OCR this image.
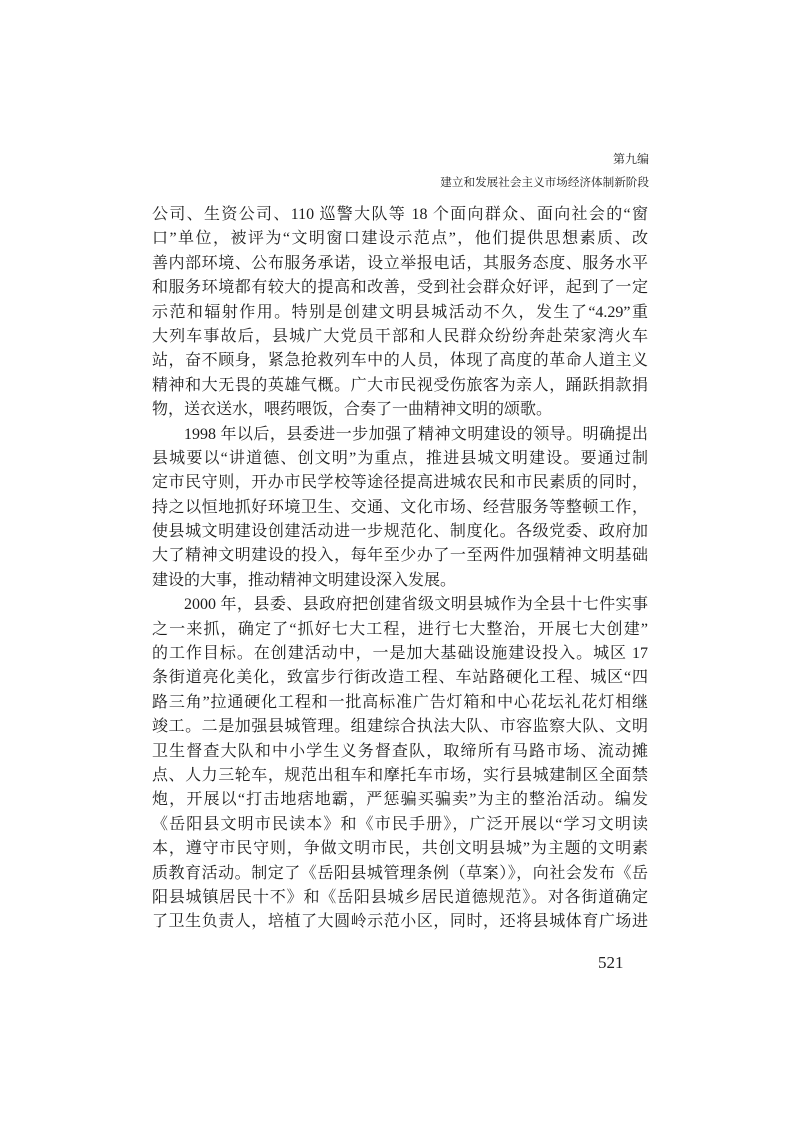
第九编
建立和发展社会主义市场经济体制新阶段
公司、生资公司、110 巡警大队等 18 个面向群众、面向社会的“窗
口”单位，被评为“文明窗口建设示范点”，他们提供思想素质、改
善内部环境、公布服务承诺，设立举报电话，其服务态度、服务水平
和服务环境都有较大的提高和改善，受到社会群众好评，起到了一定
示范和辐射作用。特别是创建文明县城活动不久，发生了“4.29”重
大列车事故后，县城广大党员干部和人民群众纷纷奔赴荣家湾火车
站，奋不顾身，紧急抢救列车中的人员，体现了高度的革命人道主义
精神和大无畏的英雄气概。广大市民视受伤旅客为亲人，踊跃捐款捐
物，送衣送水，喂药喂饭，合奏了一曲精神文明的颂歌。
1998 年以后，县委进一步加强了精神文明建设的领导。明确提出
县城要以“讲道德、创文明”为重点，推进县城文明建设。要通过制
定市民守则，开办市民学校等途径提高进城农民和市民素质的同时，
持之以恒地抓好环境卫生、交通、文化市场、经营服务等整顿工作，
使县城文明建设创建活动进一步规范化、制度化。各级党委、政府加
大了精神文明建设的投入，每年至少办了一至两件加强精神文明基础
建设的大事，推动精神文明建设深入发展。
2000 年，县委、县政府把创建省级文明县城作为全县十七件实事
之一来抓，确定了“抓好七大工程，进行七大整治，开展七大创建”
的工作目标。在创建活动中，一是加大基础设施建设投入。城区 17
条街道亮化美化，致富步行街改造工程、车站路硬化工程、城区“四
路三角”拉通硬化工程和一批高标准广告灯箱和中心花坛礼花灯相继
竣工。二是加强县城管理。组建综合执法大队、市容监察大队、文明
卫生督查大队和中小学生义务督查队，取缔所有马路市场、流动摊
点、人力三轮车，规范出租车和摩托车市场，实行县城建制区全面禁
炮，开展以“打击地痞地霸，严惩骗买骗卖”为主的整治活动。编发
《岳阳县文明市民读本》和《市民手册》，广泛开展以“学习文明读
本，遵守市民守则，争做文明市民，共创文明县城”为主题的文明素
质教育活动。制定了《岳阳县城管理条例（草案）》，向社会发布《岳
阳县城镇居民十不》和《岳阳县城乡居民道德规范》。对各街道确定
了卫生负责人，培植了大圆岭示范小区，同时，还将县城体育广场进
521
